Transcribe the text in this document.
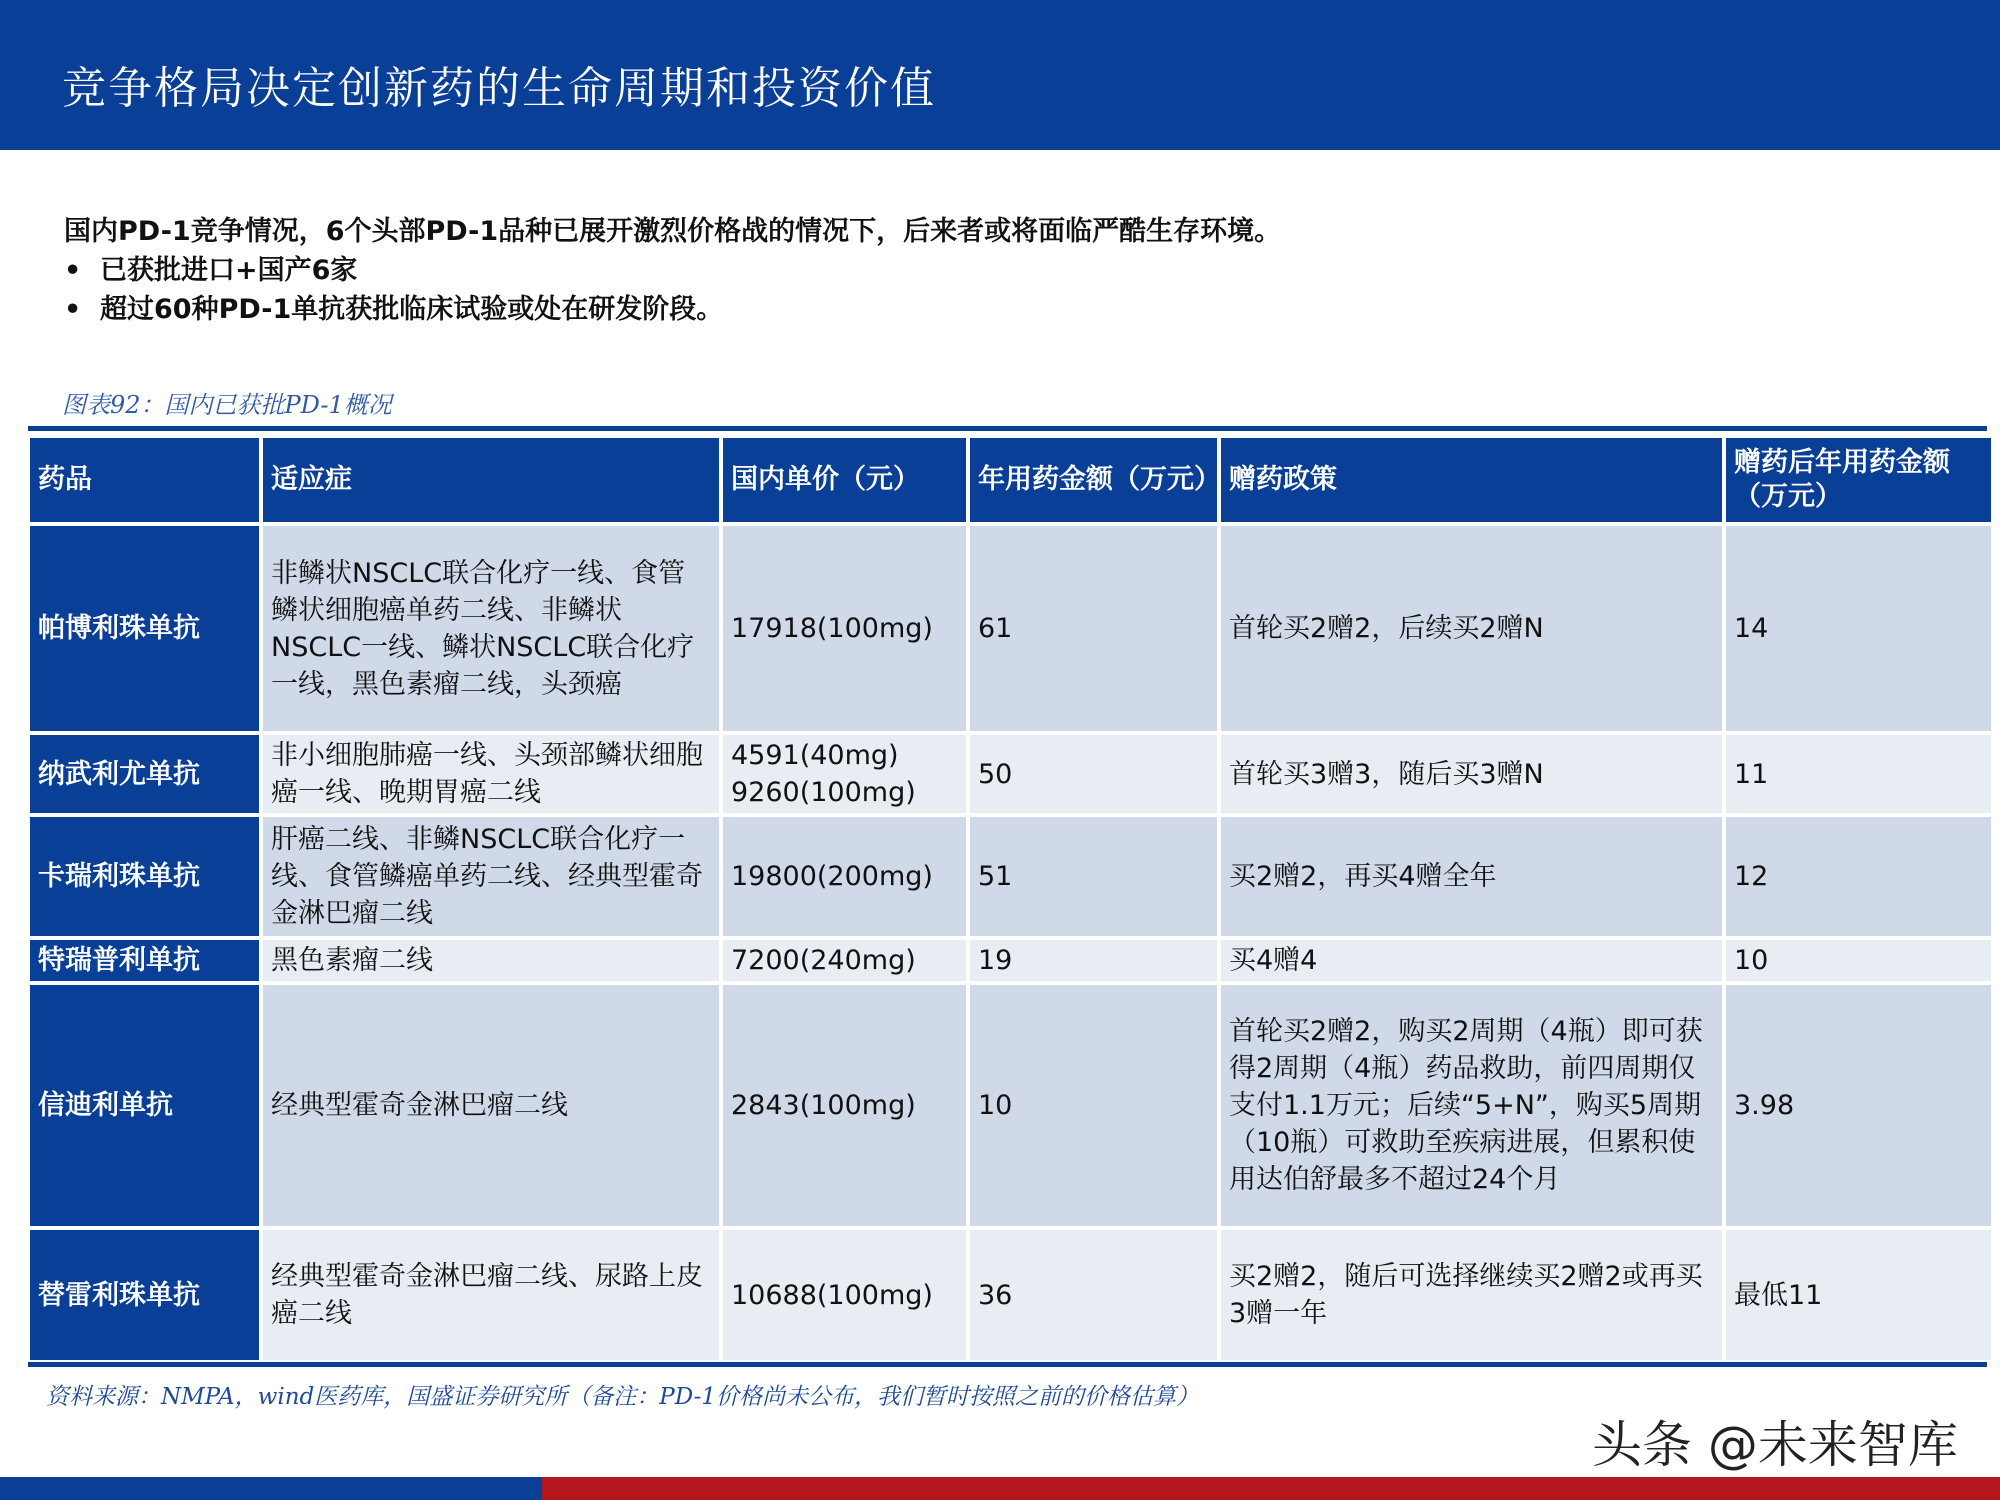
竞争格局决定创新药的生命周期和投资价值

国内PD-1竞争情况，6个头部PD-1品种已展开激烈价格战的情况下，后来者或将面临严酷生存环境。

• 已获批进口+国产6家
• 超过60种PD-1单抗获批临床试验或处在研发阶段。
图表92：国内已获批PD-1概况
药品	适应症	国内单价（元）	年用药金额（万元）	赠药政策	赠药后年用药金额（万元）
帕博利珠单抗	非鳞状NSCLC联合化疗一线、食管鳞状细胞癌单药二线、非鳞状NSCLC一线、鳞状NSCLC联合化疗一线，黑色素瘤二线，头颈癌	17918(100mg)	61	首轮买2赠2，后续买2赠N	14
纳武利尤单抗	非小细胞肺癌一线、头颈部鳞状细胞癌一线、晚期胃癌二线	4591(40mg) 9260(100mg)	50	首轮买3赠3，随后买3赠N	11
卡瑞利珠单抗	肝癌二线、非鳞NSCLC联合化疗一线、食管鳞癌单药二线、经典型霍奇金淋巴瘤二线	19800(200mg)	51	买2赠2，再买4赠全年	12
特瑞普利单抗	黑色素瘤二线	7200(240mg)	19	买4赠4	10
信迪利单抗	经典型霍奇金淋巴瘤二线	2843(100mg)	10	首轮买2赠2，购买2周期（4瓶）即可获得2周期（4瓶）药品救助，前四周期仅支付1.1万元；后续“5+N”，购买5周期（10瓶）可救助至疾病进展，但累积使用达伯舒最多不超过24个月	3.98
替雷利珠单抗	经典型霍奇金淋巴瘤二线、尿路上皮癌二线	10688(100mg)	36	买2赠2，随后可选择继续买2赠2或再买3赠一年	最低11
资料来源：NMPA，wind医药库，国盛证券研究所（备注：PD-1价格尚未公布，我们暂时按照之前的价格估算）
头条 @未来智库
